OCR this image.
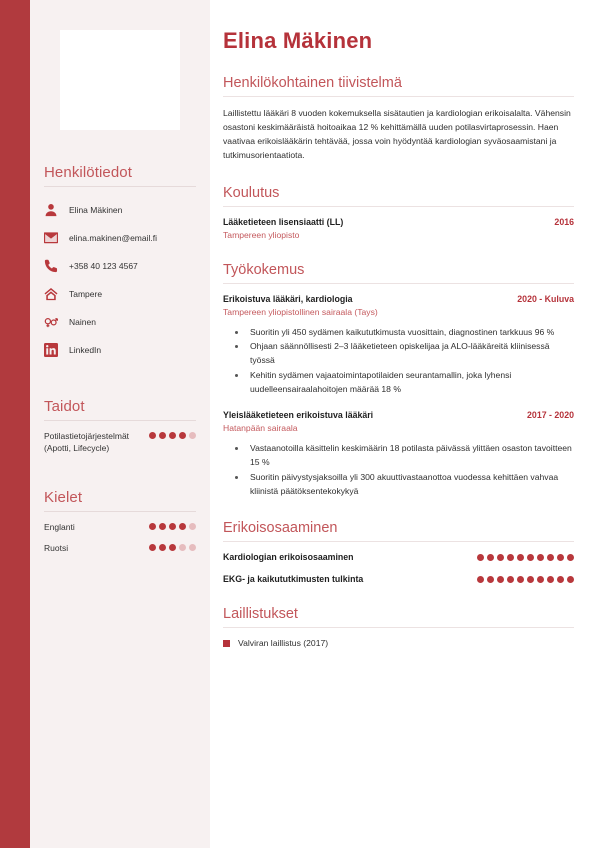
Henkilötiedot
Elina Mäkinen
elina.makinen@email.fi
+358 40 123 4567
Tampere
Nainen
LinkedIn
Taidot
Potilastietojärjestelmät (Apotti, Lifecycle)
Kielet
Englanti
Ruotsi
Elina Mäkinen
Henkilökohtainen tiivistelmä

Laillistettu lääkäri 8 vuoden kokemuksella sisätautien ja kardiologian erikoisalalta. Vähensin osastoni keskimääräistä hoitoaikaa 12 % kehittämällä uuden potilasvirtaprosessin. Haen vaativaa erikoislääkärin tehtävää, jossa voin hyödyntää kardiologian syväosaamistani ja tutkimusorientaatiota.

Koulutus
Lääketieteen lisensiaatti (LL)	2016
Tampereen yliopisto
Työkokemus
Erikoistuva lääkäri, kardiologia	2020 - Kuluva
Tampereen yliopistollinen sairaala (Tays)
• Suoritin yli 450 sydämen kaikututkimusta vuosittain, diagnostinen tarkkuus 96 %
• Ohjaan säännöllisesti 2–3 lääketieteen opiskelijaa ja ALO-lääkäreitä kliinisessä työssä
• Kehitin sydämen vajaatoimintapotilaiden seurantamallin, joka lyhensi uudelleensairaalahoitojen määrää 18 %
Yleislääketieteen erikoistuva lääkäri	2017 - 2020
Hatanpään sairaala
• Vastaanotoilla käsittelin keskimäärin 18 potilasta päivässä ylittäen osaston tavoitteen 15 %
• Suoritin päivystysjaksoilla yli 300 akuuttivastaanottoa vuodessa kehittäen vahvaa kliinistä päätöksentekokykyä
Erikoisosaaminen
Kardiologian erikoisosaaminen
EKG- ja kaikututkimusten tulkinta
Laillistukset
Valviran laillistus (2017)
